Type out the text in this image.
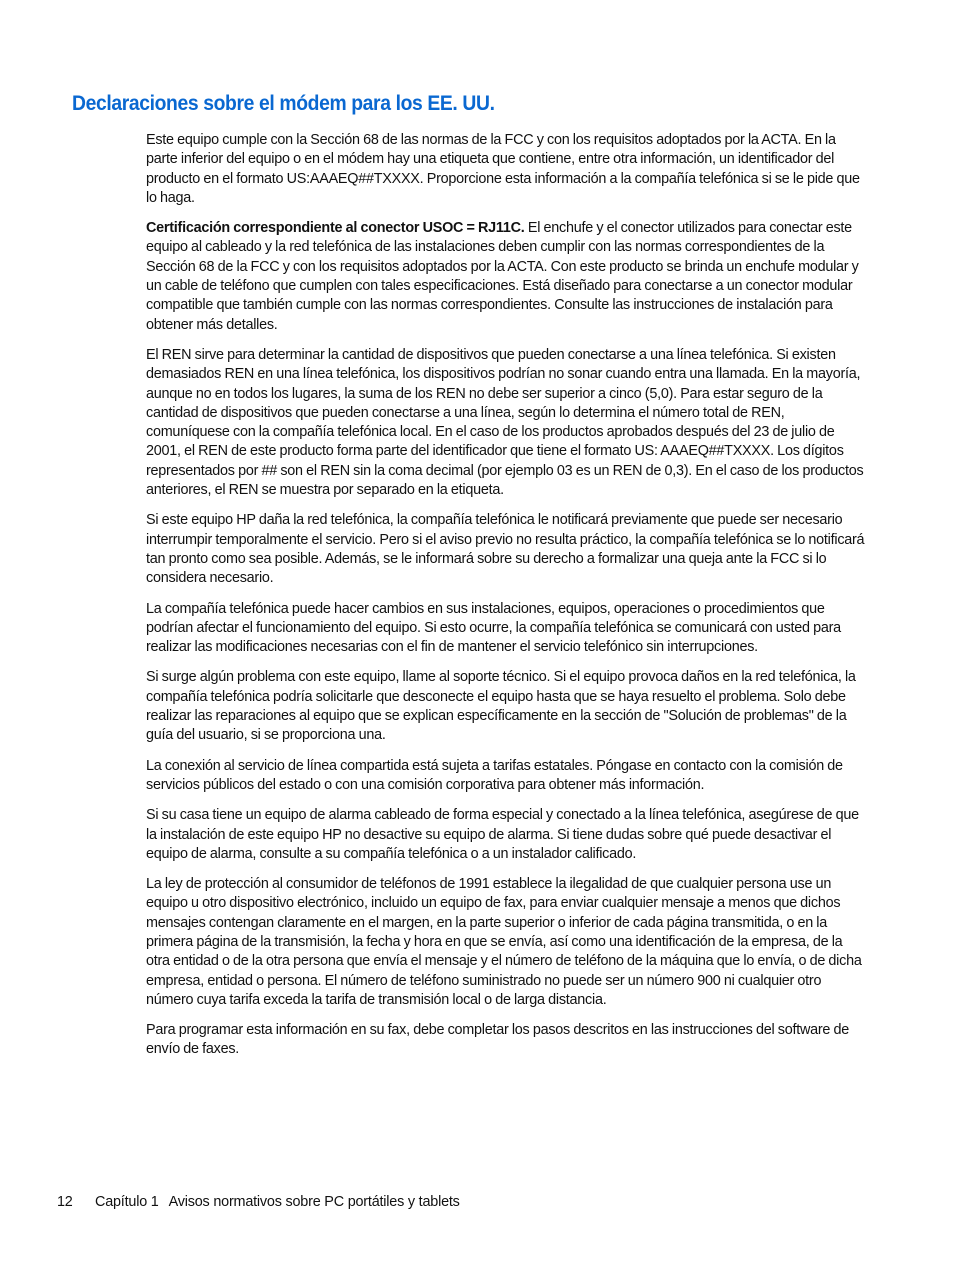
Declaraciones sobre el módem para los EE. UU.

Este equipo cumple con la Sección 68 de las normas de la FCC y con los requisitos adoptados por la ACTA. En la parte inferior del equipo o en el módem hay una etiqueta que contiene, entre otra información, un identificador del producto en el formato US:AAAEQ##TXXXX. Proporcione esta información a la compañía telefónica si se le pide que lo haga.

Certificación correspondiente al conector USOC = RJ11C. El enchufe y el conector utilizados para conectar este equipo al cableado y la red telefónica de las instalaciones deben cumplir con las normas correspondientes de la Sección 68 de la FCC y con los requisitos adoptados por la ACTA. Con este producto se brinda un enchufe modular y un cable de teléfono que cumplen con tales especificaciones. Está diseñado para conectarse a un conector modular compatible que también cumple con las normas correspondientes. Consulte las instrucciones de instalación para obtener más detalles.

El REN sirve para determinar la cantidad de dispositivos que pueden conectarse a una línea telefónica. Si existen demasiados REN en una línea telefónica, los dispositivos podrían no sonar cuando entra una llamada. En la mayoría, aunque no en todos los lugares, la suma de los REN no debe ser superior a cinco (5,0). Para estar seguro de la cantidad de dispositivos que pueden conectarse a una línea, según lo determina el número total de REN, comuníquese con la compañía telefónica local. En el caso de los productos aprobados después del 23 de julio de 2001, el REN de este producto forma parte del identificador que tiene el formato US: AAAEQ##TXXXX. Los dígitos representados por ## son el REN sin la coma decimal (por ejemplo 03 es un REN de 0,3). En el caso de los productos anteriores, el REN se muestra por separado en la etiqueta.

Si este equipo HP daña la red telefónica, la compañía telefónica le notificará previamente que puede ser necesario interrumpir temporalmente el servicio. Pero si el aviso previo no resulta práctico, la compañía telefónica se lo notificará tan pronto como sea posible. Además, se le informará sobre su derecho a formalizar una queja ante la FCC si lo considera necesario.

La compañía telefónica puede hacer cambios en sus instalaciones, equipos, operaciones o procedimientos que podrían afectar el funcionamiento del equipo. Si esto ocurre, la compañía telefónica se comunicará con usted para realizar las modificaciones necesarias con el fin de mantener el servicio telefónico sin interrupciones.

Si surge algún problema con este equipo, llame al soporte técnico. Si el equipo provoca daños en la red telefónica, la compañía telefónica podría solicitarle que desconecte el equipo hasta que se haya resuelto el problema. Solo debe realizar las reparaciones al equipo que se explican específicamente en la sección de "Solución de problemas" de la guía del usuario, si se proporciona una.

La conexión al servicio de línea compartida está sujeta a tarifas estatales. Póngase en contacto con la comisión de servicios públicos del estado o con una comisión corporativa para obtener más información.

Si su casa tiene un equipo de alarma cableado de forma especial y conectado a la línea telefónica, asegúrese de que la instalación de este equipo HP no desactive su equipo de alarma. Si tiene dudas sobre qué puede desactivar el equipo de alarma, consulte a su compañía telefónica o a un instalador calificado.

La ley de protección al consumidor de teléfonos de 1991 establece la ilegalidad de que cualquier persona use un equipo u otro dispositivo electrónico, incluido un equipo de fax, para enviar cualquier mensaje a menos que dichos mensajes contengan claramente en el margen, en la parte superior o inferior de cada página transmitida, o en la primera página de la transmisión, la fecha y hora en que se envía, así como una identificación de la empresa, de la otra entidad o de la otra persona que envía el mensaje y el número de teléfono de la máquina que lo envía, o de dicha empresa, entidad o persona. El número de teléfono suministrado no puede ser un número 900 ni cualquier otro número cuya tarifa exceda la tarifa de transmisión local o de larga distancia.

Para programar esta información en su fax, debe completar los pasos descritos en las instrucciones del software de envío de faxes.

12 Capítulo 1 Avisos normativos sobre PC portátiles y tablets
